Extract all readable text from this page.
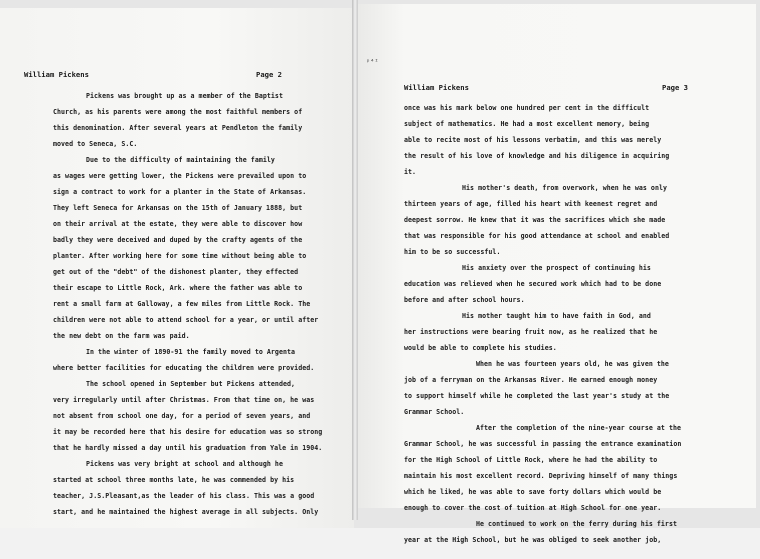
William Pickens	Page 2
Pickens was brought up as a member of the Baptist
Church, as his parents were among the most faithful members of
this denomination. After several years at Pendleton the family
moved to Seneca, S.C.
Due to the difficulty of maintaining the family
as wages were getting lower, the Pickens were prevailed upon to
sign a contract to work for a planter in the State of Arkansas.
They left Seneca for Arkansas on the 15th of January 1888, but
on their arrival at the estate, they were able to discover how
badly they were deceived and duped by the crafty agents of the
planter. After working here for some time without being able to
get out of the "debt" of the dishonest planter, they effected
their escape to Little Rock, Ark. where the father was able to
rent a small farm at Galloway, a few miles from Little Rock. The
children were not able to attend school for a year, or until after
the new debt on the farm was paid.
In the winter of 1890-91 the family moved to Argenta
where better facilities for educating the children were provided.
The school opened in September but Pickens attended,
very irregularly until after Christmas. From that time on, he was
not absent from school one day, for a period of seven years, and
it may be recorded here that his desire for education was so strong
that he hardly missed a day until his graduation from Yale in 1904.
Pickens was very bright at school and although he
started at school three months late, he was commended by his
teacher, J.S.Pleasant,as the leader of his class. This was a good
start, and he maintained the highest average in all subjects. Only
ᵖ⁴ᴵ
William Pickens	Page 3
once was his mark below one hundred per cent in the difficult
subject of mathematics. He had a most excellent memory, being
able to recite most of his lessons verbatim, and this was merely
the result of his love of knowledge and his diligence in acquiring
it.
His mother's death, from overwork, when he was only
thirteen years of age, filled his heart with keenest regret and
deepest sorrow. He knew that it was the sacrifices which she made
that was responsible for his good attendance at school and enabled
him to be so successful.
His anxiety over the prospect of continuing his
education was relieved when he secured work which had to be done
before and after school hours.
His mother taught him to have faith in God, and
her instructions were bearing fruit now, as he realized that he
would be able to complete his studies.
When he was fourteen years old, he was given the
job of a ferryman on the Arkansas River. He earned enough money
to support himself while he completed the last year's study at the
Grammar School.
After the completion of the nine-year course at the
Grammar School, he was successful in passing the entrance examination
for the High School of Little Rock, where he had the ability to
maintain his most excellent record. Depriving himself of many things
which he liked, he was able to save forty dollars which would be
enough to cover the cost of tuition at High School for one year.
He continued to work on the ferry during his first
year at the High School, but he was obliged to seek another job,
